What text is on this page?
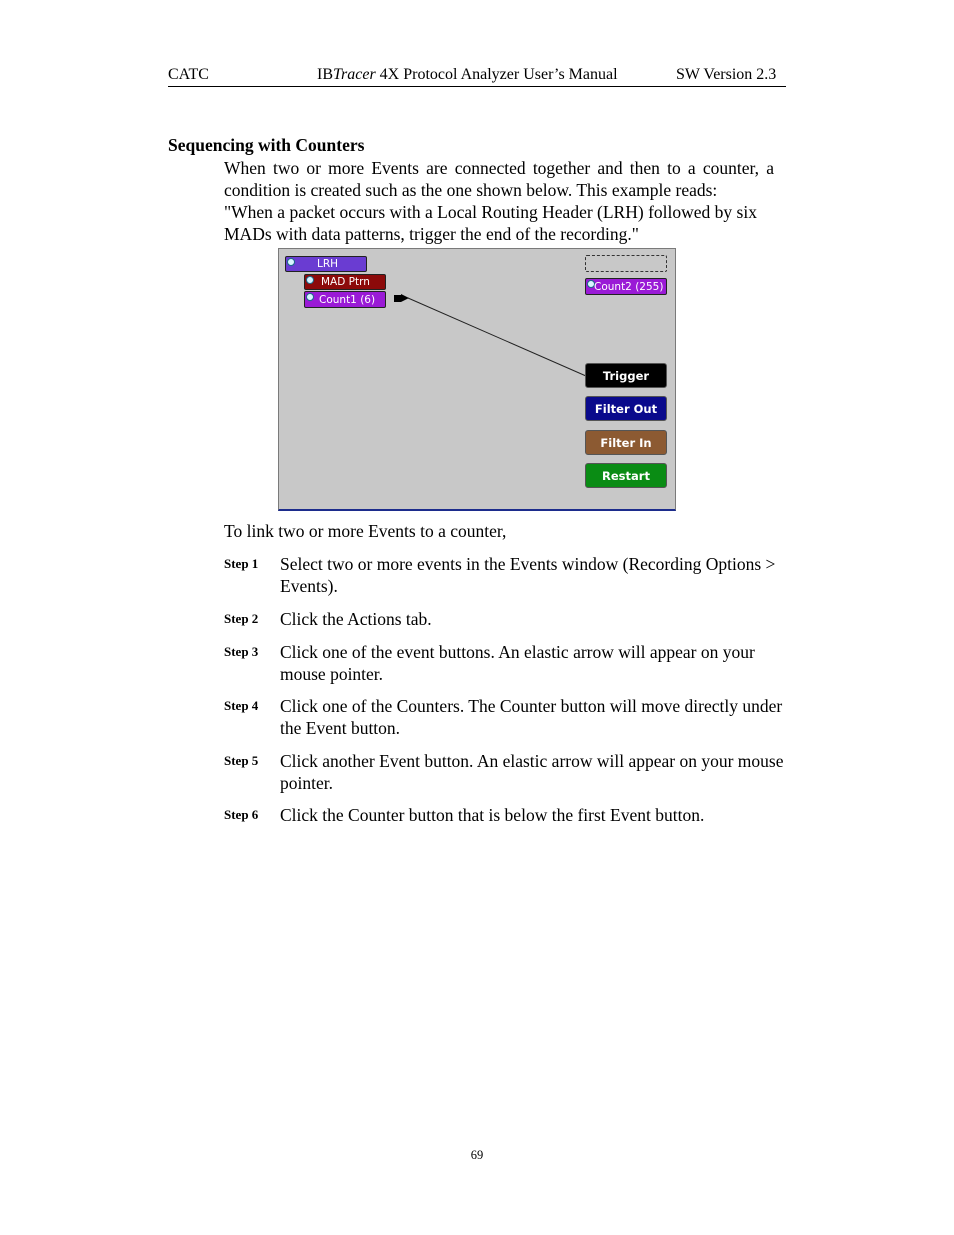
CATC	IBTracer 4X Protocol Analyzer User’s Manual	SW Version 2.3
Sequencing with Counters
When two or more Events are connected together and then to a counter, a
condition is created such as the one shown below. This example reads:
"When a packet occurs with a Local Routing Header (LRH) followed by six
MADs with data patterns, trigger the end of the recording."
LRH
MAD Ptrn
Count1 (6)
Count2 (255)
Trigger
Filter Out
Filter In
Restart
To link two or more Events to a counter,
Step 1 Select two or more events in the Events window (Recording Options > Events).
Step 2 Click the Actions tab.
Step 3 Click one of the event buttons. An elastic arrow will appear on your mouse pointer.
Step 4 Click one of the Counters. The Counter button will move directly under the Event button.
Step 5 Click another Event button. An elastic arrow will appear on your mouse pointer.
Step 6 Click the Counter button that is below the first Event button.
69
